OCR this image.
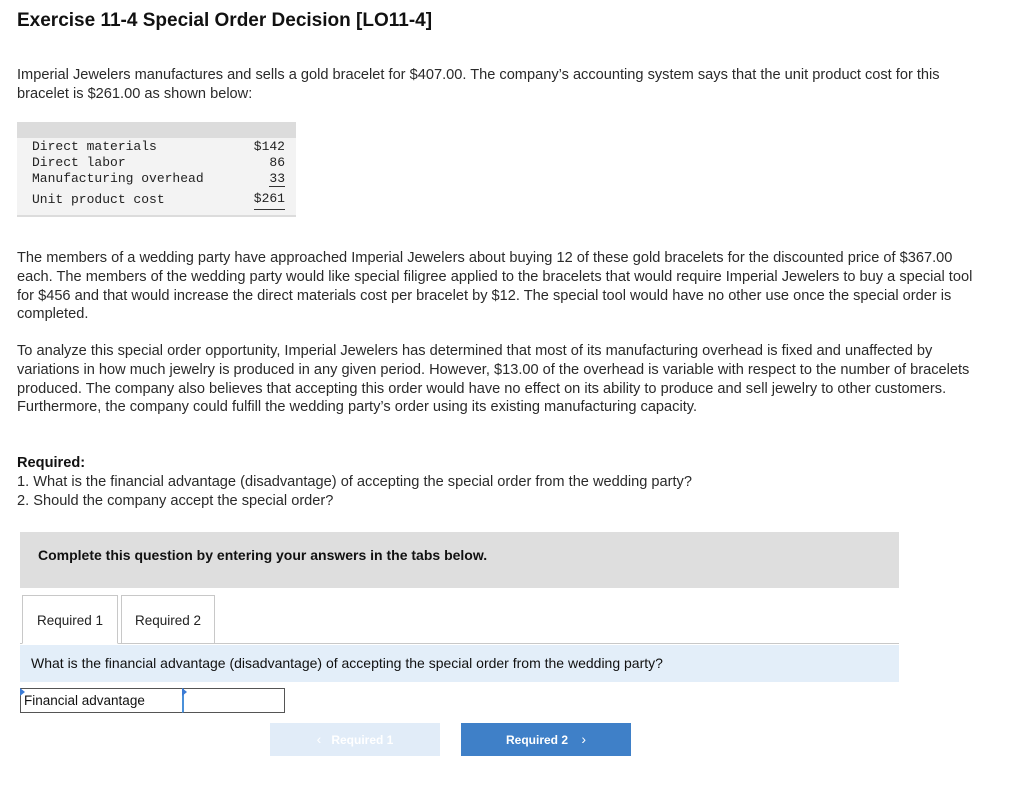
Exercise 11-4 Special Order Decision [LO11-4]

Imperial Jewelers manufactures and sells a gold bracelet for $407.00. The company’s accounting system says that the unit product cost for this bracelet is $261.00 as shown below:

Direct materials	$142
Direct labor	86
Manufacturing overhead	33
Unit product cost	$261

The members of a wedding party have approached Imperial Jewelers about buying 12 of these gold bracelets for the discounted price of $367.00 each. The members of the wedding party would like special filigree applied to the bracelets that would require Imperial Jewelers to buy a special tool for $456 and that would increase the direct materials cost per bracelet by $12. The special tool would have no other use once the special order is completed.

To analyze this special order opportunity, Imperial Jewelers has determined that most of its manufacturing overhead is fixed and unaffected by variations in how much jewelry is produced in any given period. However, $13.00 of the overhead is variable with respect to the number of bracelets produced. The company also believes that accepting this order would have no effect on its ability to produce and sell jewelry to other customers. Furthermore, the company could fulfill the wedding party’s order using its existing manufacturing capacity.

Required:
1. What is the financial advantage (disadvantage) of accepting the special order from the wedding party?
2. Should the company accept the special order?
Complete this question by entering your answers in the tabs below.
Required 1	Required 2
What is the financial advantage (disadvantage) of accepting the special order from the wedding party?
Financial advantage
‹ Required 1	Required 2 ›
